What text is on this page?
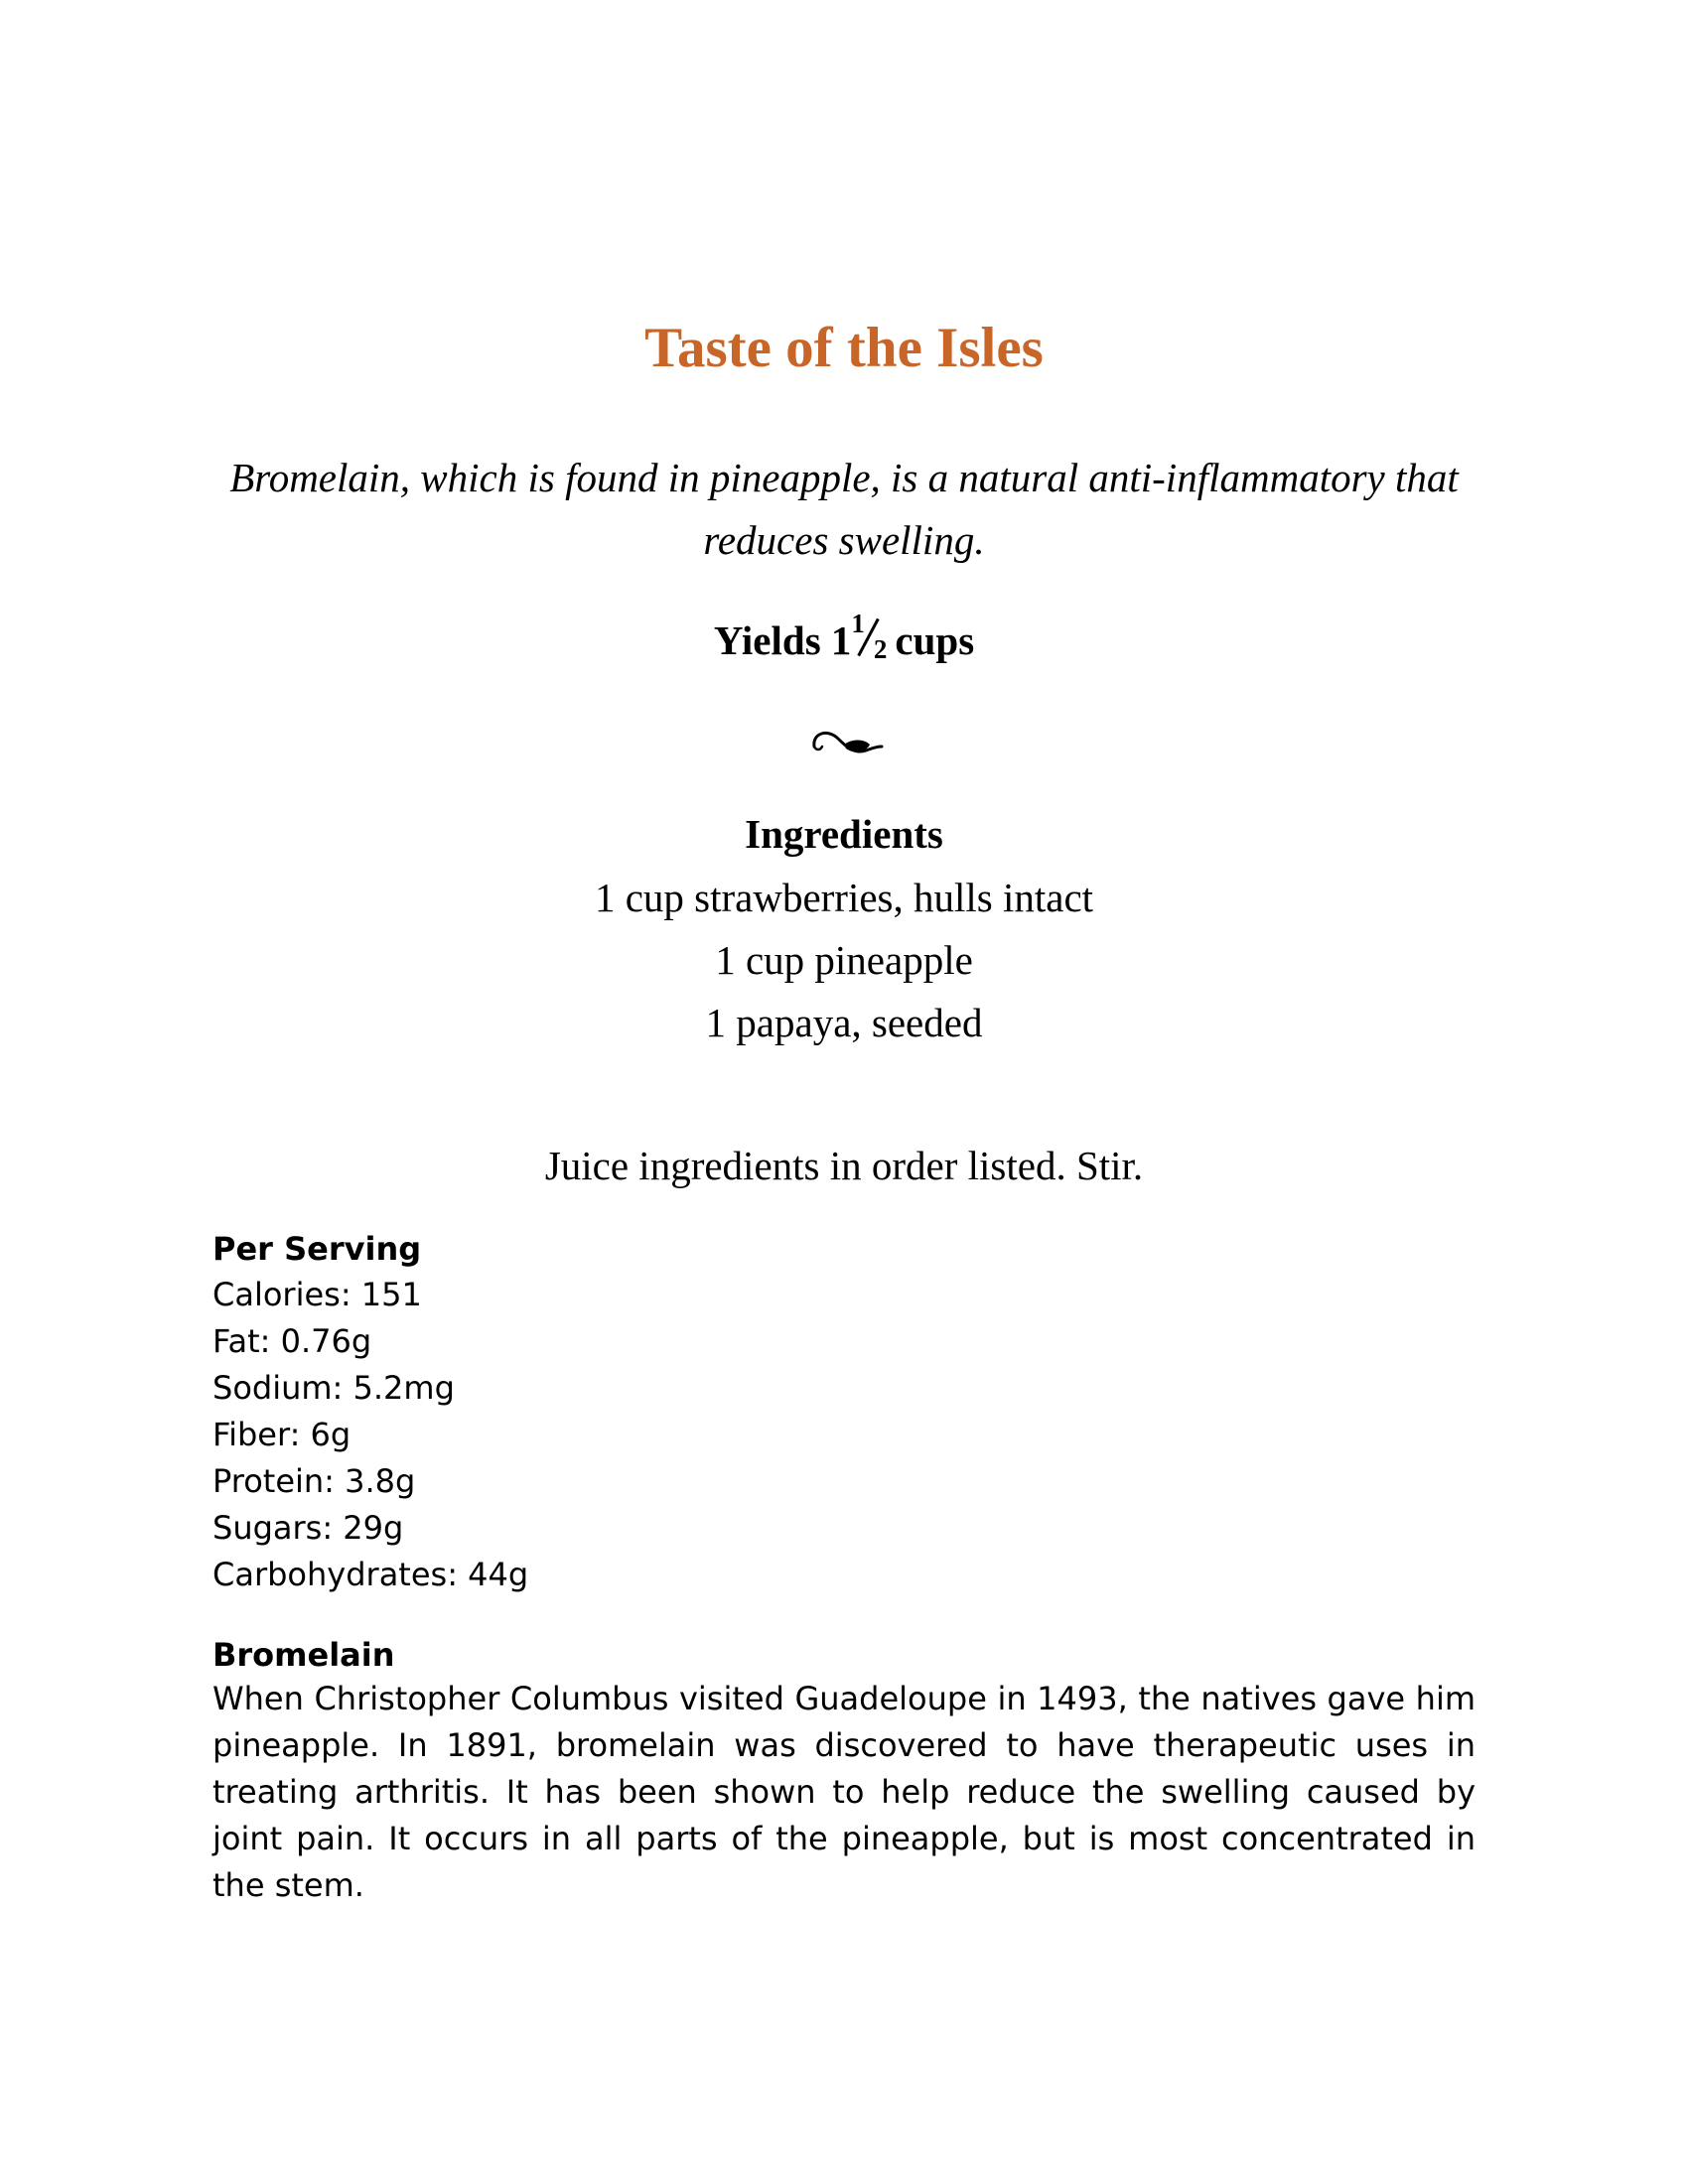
Taste of the Isles

Bromelain, which is found in pineapple, is a natural anti-inflammatory that reduces swelling.

Yields 1 1
2 cups
Ingredients
1 cup strawberries, hulls intact
1 cup pineapple
1 papaya, seeded

Juice ingredients in order listed. Stir.

Per Serving
Calories: 151
Fat: 0.76g
Sodium: 5.2mg
Fiber: 6g
Protein: 3.8g
Sugars: 29g
Carbohydrates: 44g
Bromelain

When Christopher Columbus visited Guadeloupe in 1493, the natives gave him pineapple. In 1891, bromelain was discovered to have therapeutic uses in treating arthritis. It has been shown to help reduce the swelling caused by joint pain. It occurs in all parts of the pineapple, but is most concentrated in the stem.
